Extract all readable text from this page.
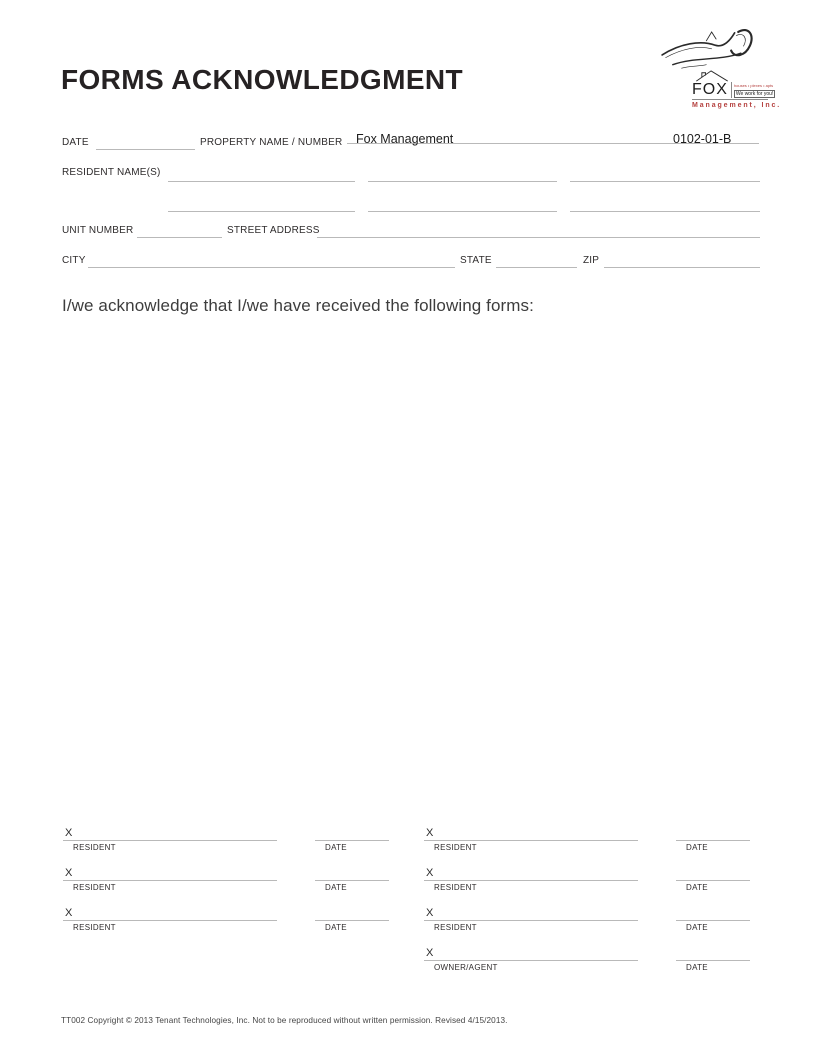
FORMS ACKNOWLEDGMENT	FOX	houses • plexes • apts
We work for you!
Management, Inc.
DATE	PROPERTY NAME / NUMBER Fox Management	0102-01-B
RESIDENT NAME(S)
UNIT NUMBER	STREET ADDRESS
CITY	STATE	ZIP
I/we acknowledge that I/we have received the following forms:
X
RESIDENT	DATE
X
RESIDENT	DATE
X
RESIDENT	DATE
X
RESIDENT	DATE
X
RESIDENT	DATE
X
RESIDENT	DATE
X
OWNER/AGENT	DATE
TT002 Copyright © 2013 Tenant Technologies, Inc. Not to be reproduced without written permission. Revised 4/15/2013.
